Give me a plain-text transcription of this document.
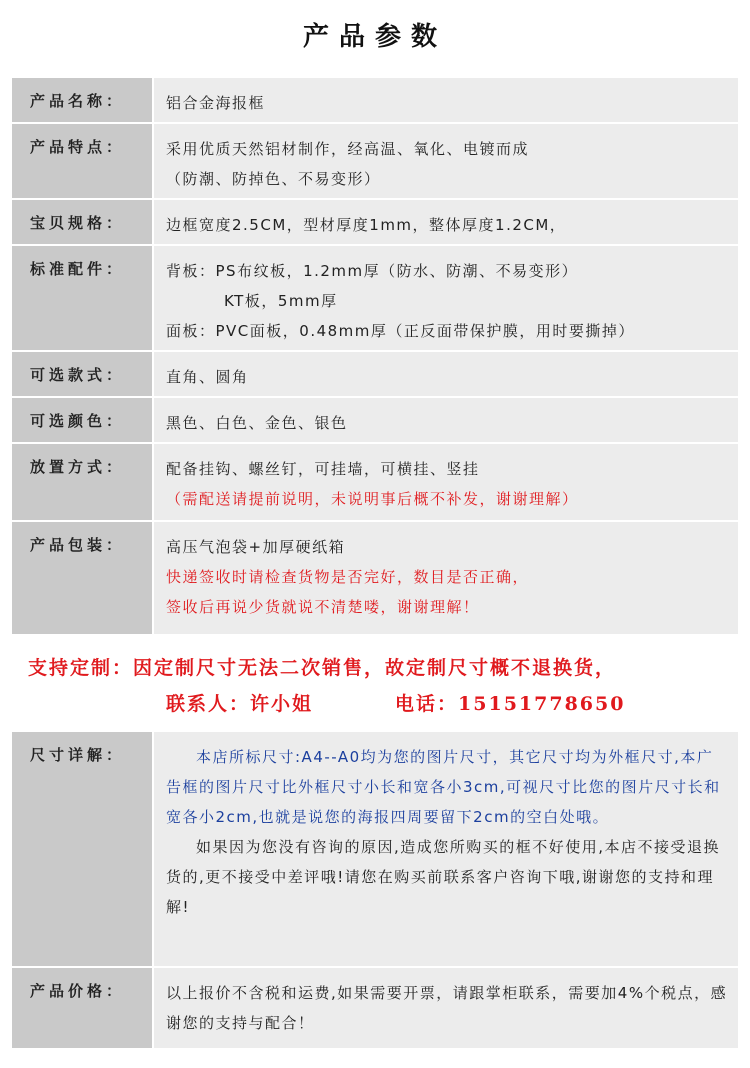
产品参数
产品名称：	铝合金海报框
产品特点：	采用优质天然铝材制作，经高温、氧化、电镀而成
（防潮、防掉色、不易变形）
宝贝规格：	边框宽度2.5CM，型材厚度1mm，整体厚度1.2CM，
标准配件：	背板：PS布纹板，1.2mm厚（防水、防潮、不易变形）
KT板，5mm厚
面板：PVC面板，0.48mm厚（正反面带保护膜，用时要撕掉）
可选款式：	直角、圆角
可选颜色：	黑色、白色、金色、银色
放置方式：	配备挂钩、螺丝钉，可挂墙，可横挂、竖挂
（需配送请提前说明，未说明事后概不补发，谢谢理解）
产品包装：	高压气泡袋+加厚硬纸箱
快递签收时请检查货物是否完好，数目是否正确，
签收后再说少货就说不清楚喽，谢谢理解！
支持定制：因定制尺寸无法二次销售，故定制尺寸概不退换货，
联系人：许小姐	电话：15151778650
尺寸详解：	本店所标尺寸:A4--A0均为您的图片尺寸，其它尺寸均为外框尺寸,本广告框的图片尺寸比外框尺寸小长和宽各小3cm,可视尺寸比您的图片尺寸长和宽各小2cm,也就是说您的海报四周要留下2cm的空白处哦。
如果因为您没有咨询的原因,造成您所购买的框不好使用,本店不接受退换货的,更不接受中差评哦!请您在购买前联系客户咨询下哦,谢谢您的支持和理解!
产品价格：	以上报价不含税和运费,如果需要开票，请跟掌柜联系，需要加4%个税点，感谢您的支持与配合！
